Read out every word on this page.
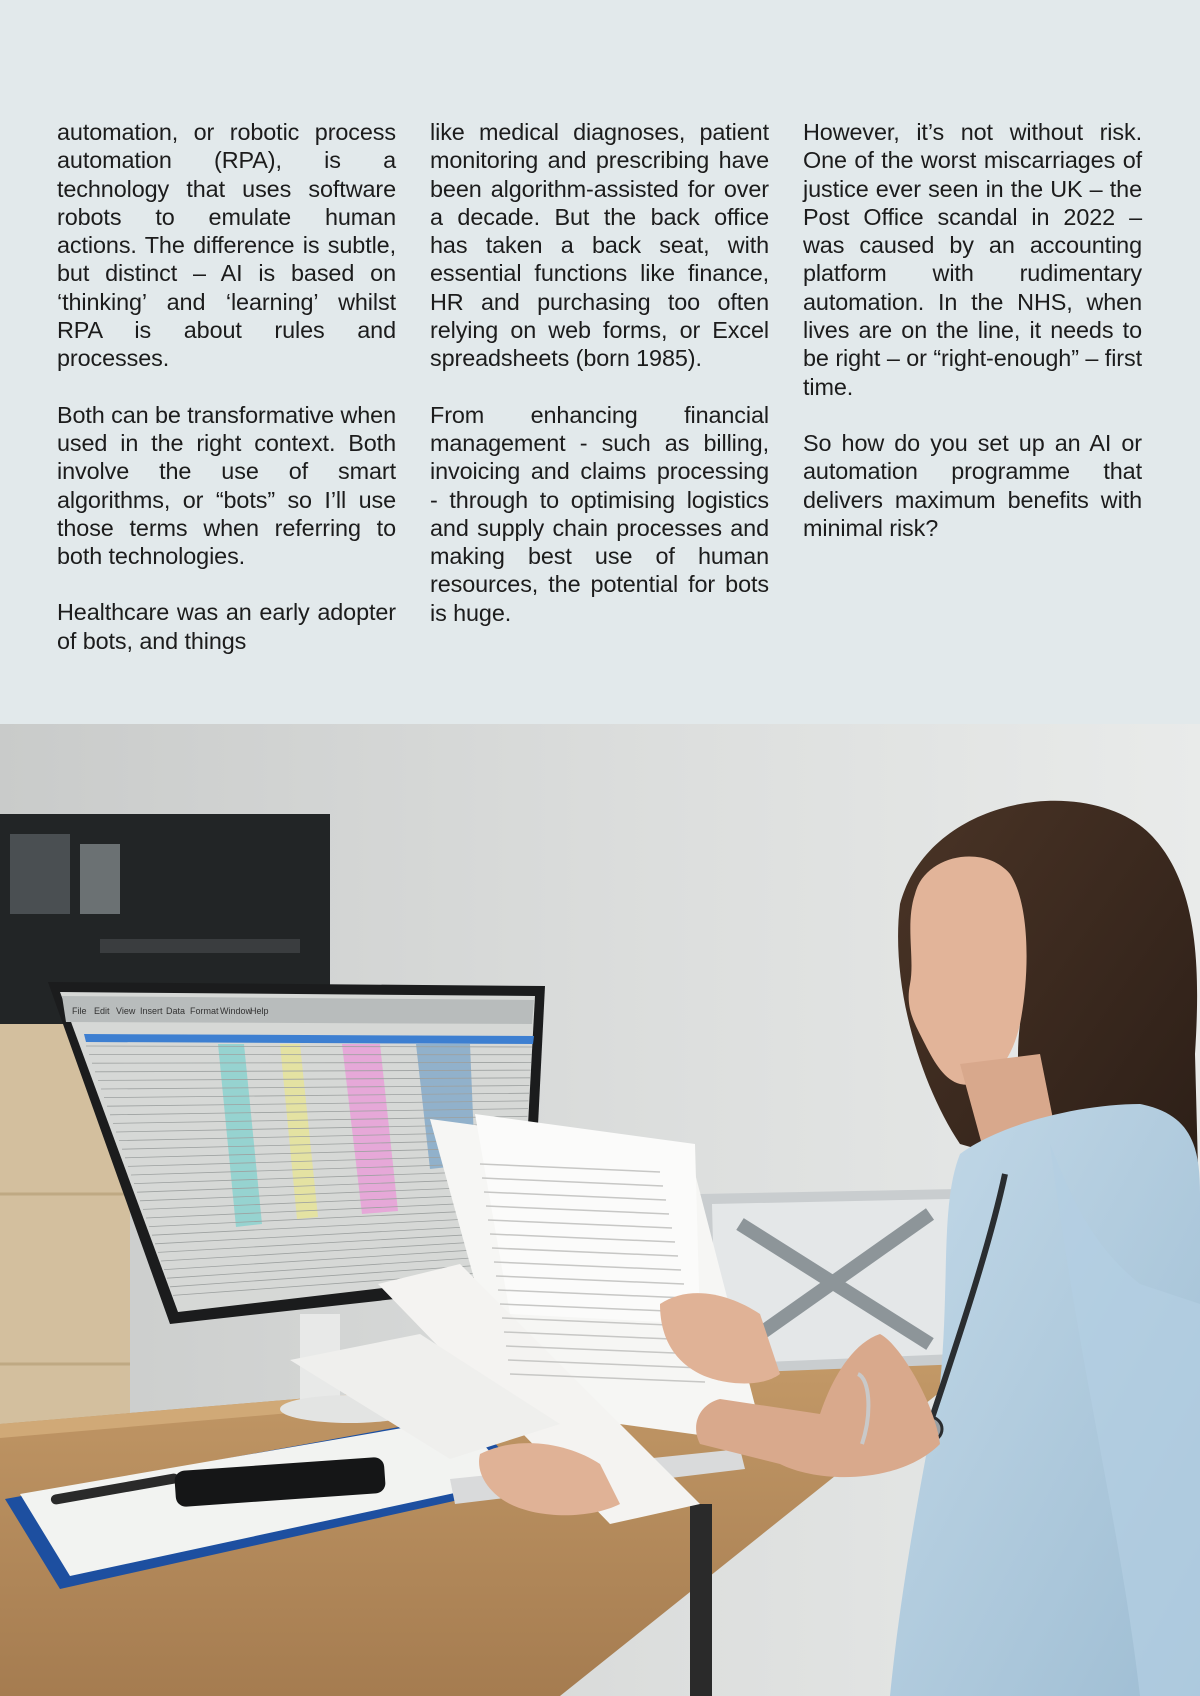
automation, or robotic process automation (RPA), is a technology that uses software robots to emulate human actions. The difference is subtle, but distinct – AI is based on ‘thinking’ and ‘learning’ whilst RPA is about rules and processes.

Both can be transformative when used in the right context. Both involve the use of smart algorithms, or “bots” so I’ll use those terms when referring to both technologies.

Healthcare was an early adopter of bots, and things

like medical diagnoses, patient monitoring and prescribing have been algorithm-assisted for over a decade. But the back office has taken a back seat, with essential functions like finance, HR and purchasing too often relying on web forms, or Excel spreadsheets (born 1985).

From enhancing financial management - such as billing, invoicing and claims processing - through to optimising logistics and supply chain processes and making best use of human resources, the potential for bots is huge.

However, it’s not without risk. One of the worst miscarriages of justice ever seen in the UK – the Post Office scandal in 2022 – was caused by an accounting platform with rudimentary automation. In the NHS, when lives are on the line, it needs to be right – or “right-enough” – first time.

So how do you set up an AI or automation programme that delivers maximum benefits with minimal risk?

File Edit View Insert Data Format Window
Help
